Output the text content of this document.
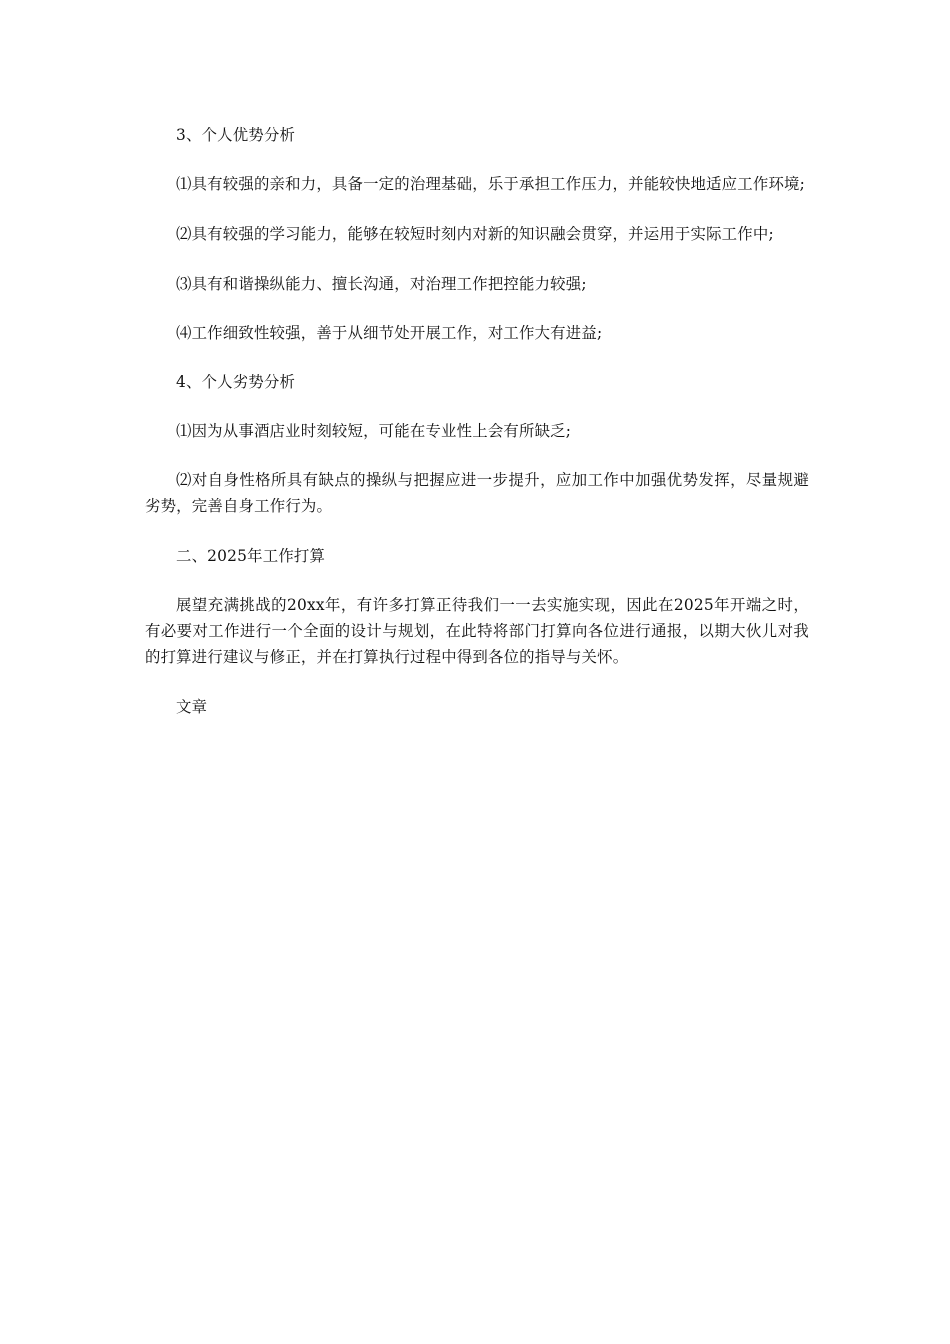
3、个人优势分析

⑴具有较强的亲和力，具备一定的治理基础，乐于承担工作压力，并能较快地适应工作环境;

⑵具有较强的学习能力，能够在较短时刻内对新的知识融会贯穿，并运用于实际工作中;

⑶具有和谐操纵能力、擅长沟通，对治理工作把控能力较强;

⑷工作细致性较强，善于从细节处开展工作，对工作大有进益;

4、个人劣势分析

⑴因为从事酒店业时刻较短，可能在专业性上会有所缺乏;

⑵对自身性格所具有缺点的操纵与把握应进一步提升，应加工作中加强优势发挥，尽量规避劣势，完善自身工作行为。

二、2025年工作打算

展望充满挑战的20xx年，有许多打算正待我们一一去实施实现，因此在2025年开端之时，有必要对工作进行一个全面的设计与规划，在此特将部门打算向各位进行通报，以期大伙儿对我的打算进行建议与修正，并在打算执行过程中得到各位的指导与关怀。

文章
